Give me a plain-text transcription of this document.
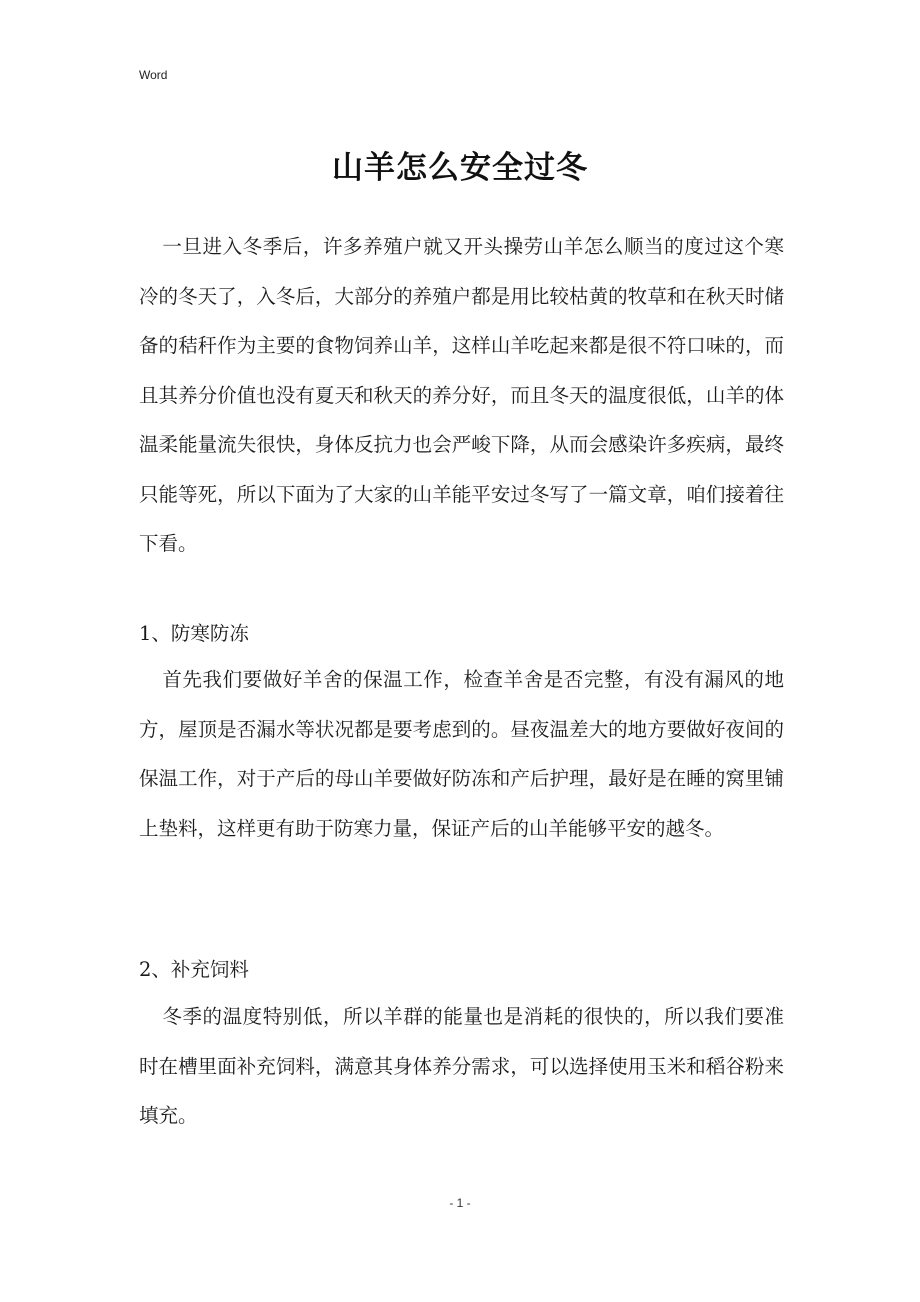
Word
山羊怎么安全过冬

一旦进入冬季后，许多养殖户就又开头操劳山羊怎么顺当的度过这个寒冷的冬天了，入冬后，大部分的养殖户都是用比较枯黄的牧草和在秋天时储备的秸秆作为主要的食物饲养山羊，这样山羊吃起来都是很不符口味的，而且其养分价值也没有夏天和秋天的养分好，而且冬天的温度很低，山羊的体温柔能量流失很快，身体反抗力也会严峻下降，从而会感染许多疾病，最终只能等死，所以下面为了大家的山羊能平安过冬写了一篇文章，咱们接着往下看。

1、防寒防冻

首先我们要做好羊舍的保温工作，检查羊舍是否完整，有没有漏风的地方，屋顶是否漏水等状况都是要考虑到的。昼夜温差大的地方要做好夜间的保温工作，对于产后的母山羊要做好防冻和产后护理，最好是在睡的窝里铺上垫料，这样更有助于防寒力量，保证产后的山羊能够平安的越冬。

2、补充饲料

冬季的温度特别低，所以羊群的能量也是消耗的很快的，所以我们要准时在槽里面补充饲料，满意其身体养分需求，可以选择使用玉米和稻谷粉来填充。

- 1 -
